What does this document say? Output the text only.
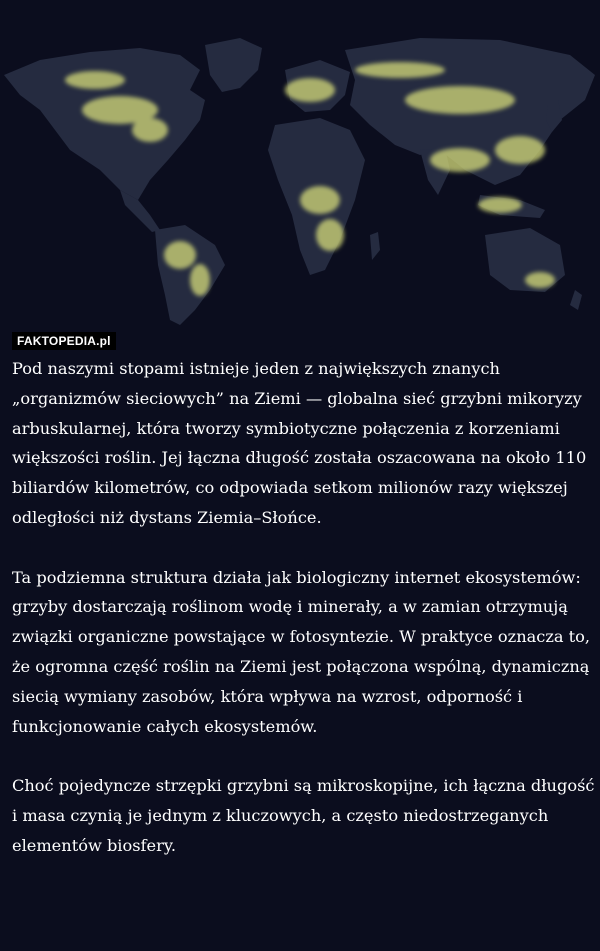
FAKTOPEDIA.pl

Pod naszymi stopami istnieje jeden z największych znanych „organizmów sieciowych” na Ziemi — globalna sieć grzybni mikoryzy arbuskularnej, która tworzy symbiotyczne połączenia z korzeniami większości roślin. Jej łączna długość została oszacowana na około 110 biliardów kilometrów, co odpowiada setkom milionów razy większej odległości niż dystans Ziemia–Słońce.

Ta podziemna struktura działa jak biologiczny internet ekosystemów: grzyby dostarczają roślinom wodę i minerały, a w zamian otrzymują związki organiczne powstające w fotosyntezie. W praktyce oznacza to, że ogromna część roślin na Ziemi jest połączona wspólną, dynamiczną siecią wymiany zasobów, która wpływa na wzrost, odporność i funkcjonowanie całych ekosystemów.

Choć pojedyncze strzępki grzybni są mikroskopijne, ich łączna długość i masa czynią je jednym z kluczowych, a często niedostrzeganych elementów biosfery.
